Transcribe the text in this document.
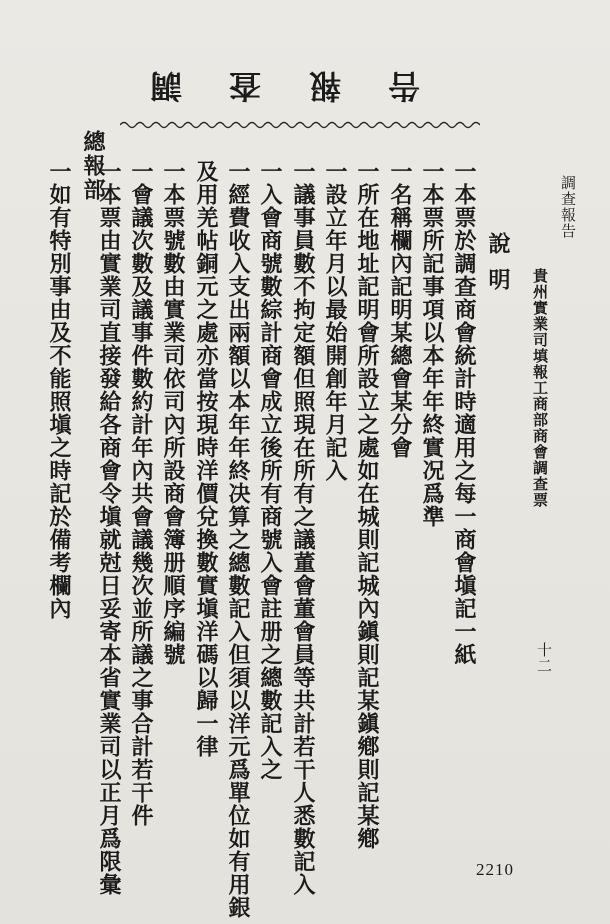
調 查 報 告
調查報告
貴州實業司填報工商部商會調查票
十二
說明
一本票於調查商會統計時適用之每一商會塡記一紙
一本票所記事項以本年年終實况爲準
一名稱欄內記明某總會某分會
一所在地址記明會所設立之處如在城則記城內鎭則記某鎭鄕則記某鄕
一設立年月以最始開創年月記入
一議事員數不拘定額但照現在所有之議董會董會員等共計若干人悉數記入
一入會商號數綜計商會成立後所有商號入會註册之總數記入之
一經費收入支出兩額以本年年終决算之總數記入但須以洋元爲單位如有用銀
及用羌帖銅元之處亦當按現時洋價兌換數實塡洋碼以歸一律
一本票號數由實業司依司內所設商會簿册順序編號
一會議次數及議事件數約計年內共會議幾次並所議之事合計若干件
一本票由實業司直接發給各商會令塡就尅日妥寄本省實業司以正月爲限彙
總報部
一如有特別事由及不能照塡之時記於備考欄內
2210
